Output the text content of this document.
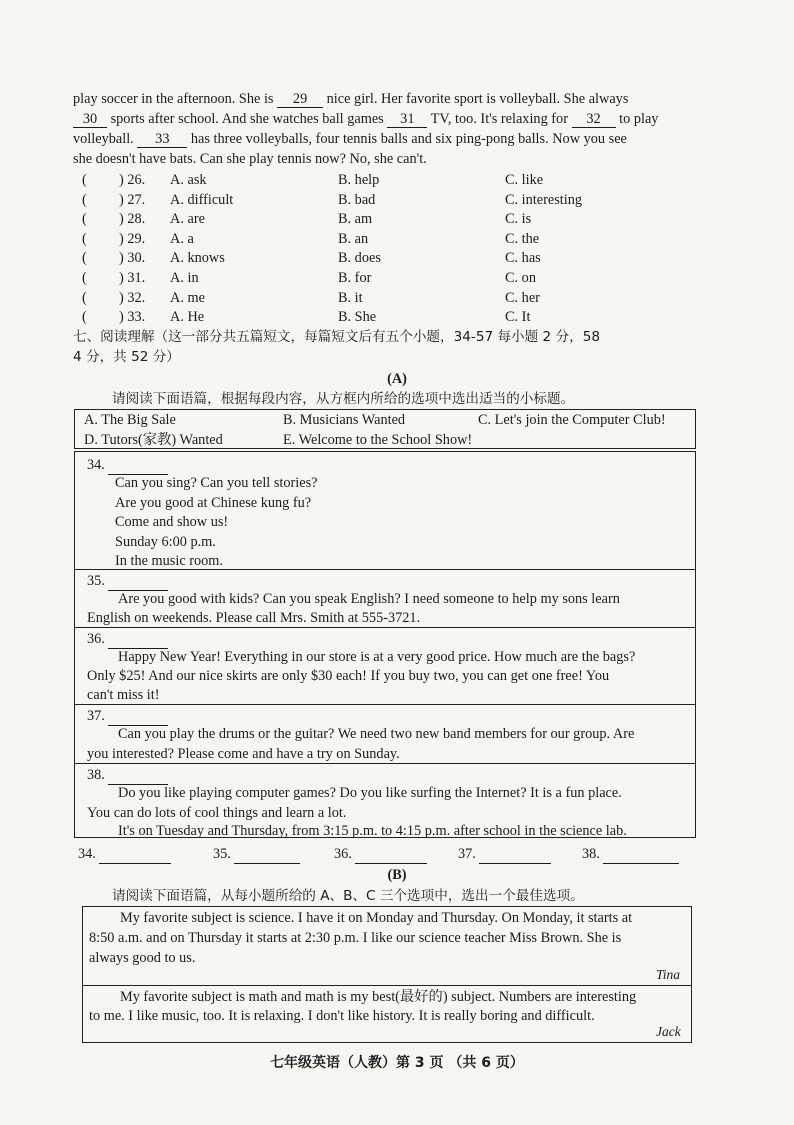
play soccer in the afternoon. She is 29 nice girl. Her favorite sport is volleyball. She always
30 sports after school. And she watches ball games 31 TV, too. It's relaxing for 32 to play
volleyball. 33 has three volleyballs, four tennis balls and six ping-pong balls. Now you see
she doesn't have bats. Can she play tennis now? No, she can't.
( ) 26. A. ask	B. help	C. like
( ) 27. A. difficult	B. bad	C. interesting
( ) 28. A. are	B. am	C. is
( ) 29. A. a	B. an	C. the
( ) 30. A. knows	B. does	C. has
( ) 31. A. in	B. for	C. on
( ) 32. A. me	B. it	C. her
( ) 33. A. He	B. She	C. It
七、阅读理解（这一部分共五篇短文，每篇短文后有五个小题，34-57 每小题 2 分，58
4 分，共 52 分）
(A)
请阅读下面语篇，根据每段内容，从方框内所给的选项中选出适当的小标题。
A. The Big Sale	B. Musicians Wanted	C. Let's join the Computer Club!
D. Tutors(家教) Wanted	E. Welcome to the School Show!
34.
Can you sing? Can you tell stories?
Are you good at Chinese kung fu?
Come and show us!
Sunday 6:00 p.m.
In the music room.
35.
Are you good with kids? Can you speak English? I need someone to help my sons learn
English on weekends. Please call Mrs. Smith at 555-3721.
36.
Happy New Year! Everything in our store is at a very good price. How much are the bags?
Only $25! And our nice skirts are only $30 each! If you buy two, you can get one free! You
can't miss it!
37.
Can you play the drums or the guitar? We need two new band members for our group. Are
you interested? Please come and have a try on Sunday.
38.
Do you like playing computer games? Do you like surfing the Internet? It is a fun place.
You can do lots of cool things and learn a lot.
It's on Tuesday and Thursday, from 3:15 p.m. to 4:15 p.m. after school in the science lab.
34.	35.	36.	37.	38.
(B)
请阅读下面语篇，从每小题所给的 A、B、C 三个选项中，选出一个最佳选项。
My favorite subject is science. I have it on Monday and Thursday. On Monday, it starts at
8:50 a.m. and on Thursday it starts at 2:30 p.m. I like our science teacher Miss Brown. She is
always good to us.
Tina
My favorite subject is math and math is my best(最好的) subject. Numbers are interesting
to me. I like music, too. It is relaxing. I don't like history. It is really boring and difficult.
Jack
七年级英语（人教）第 3 页 （共 6 页）
